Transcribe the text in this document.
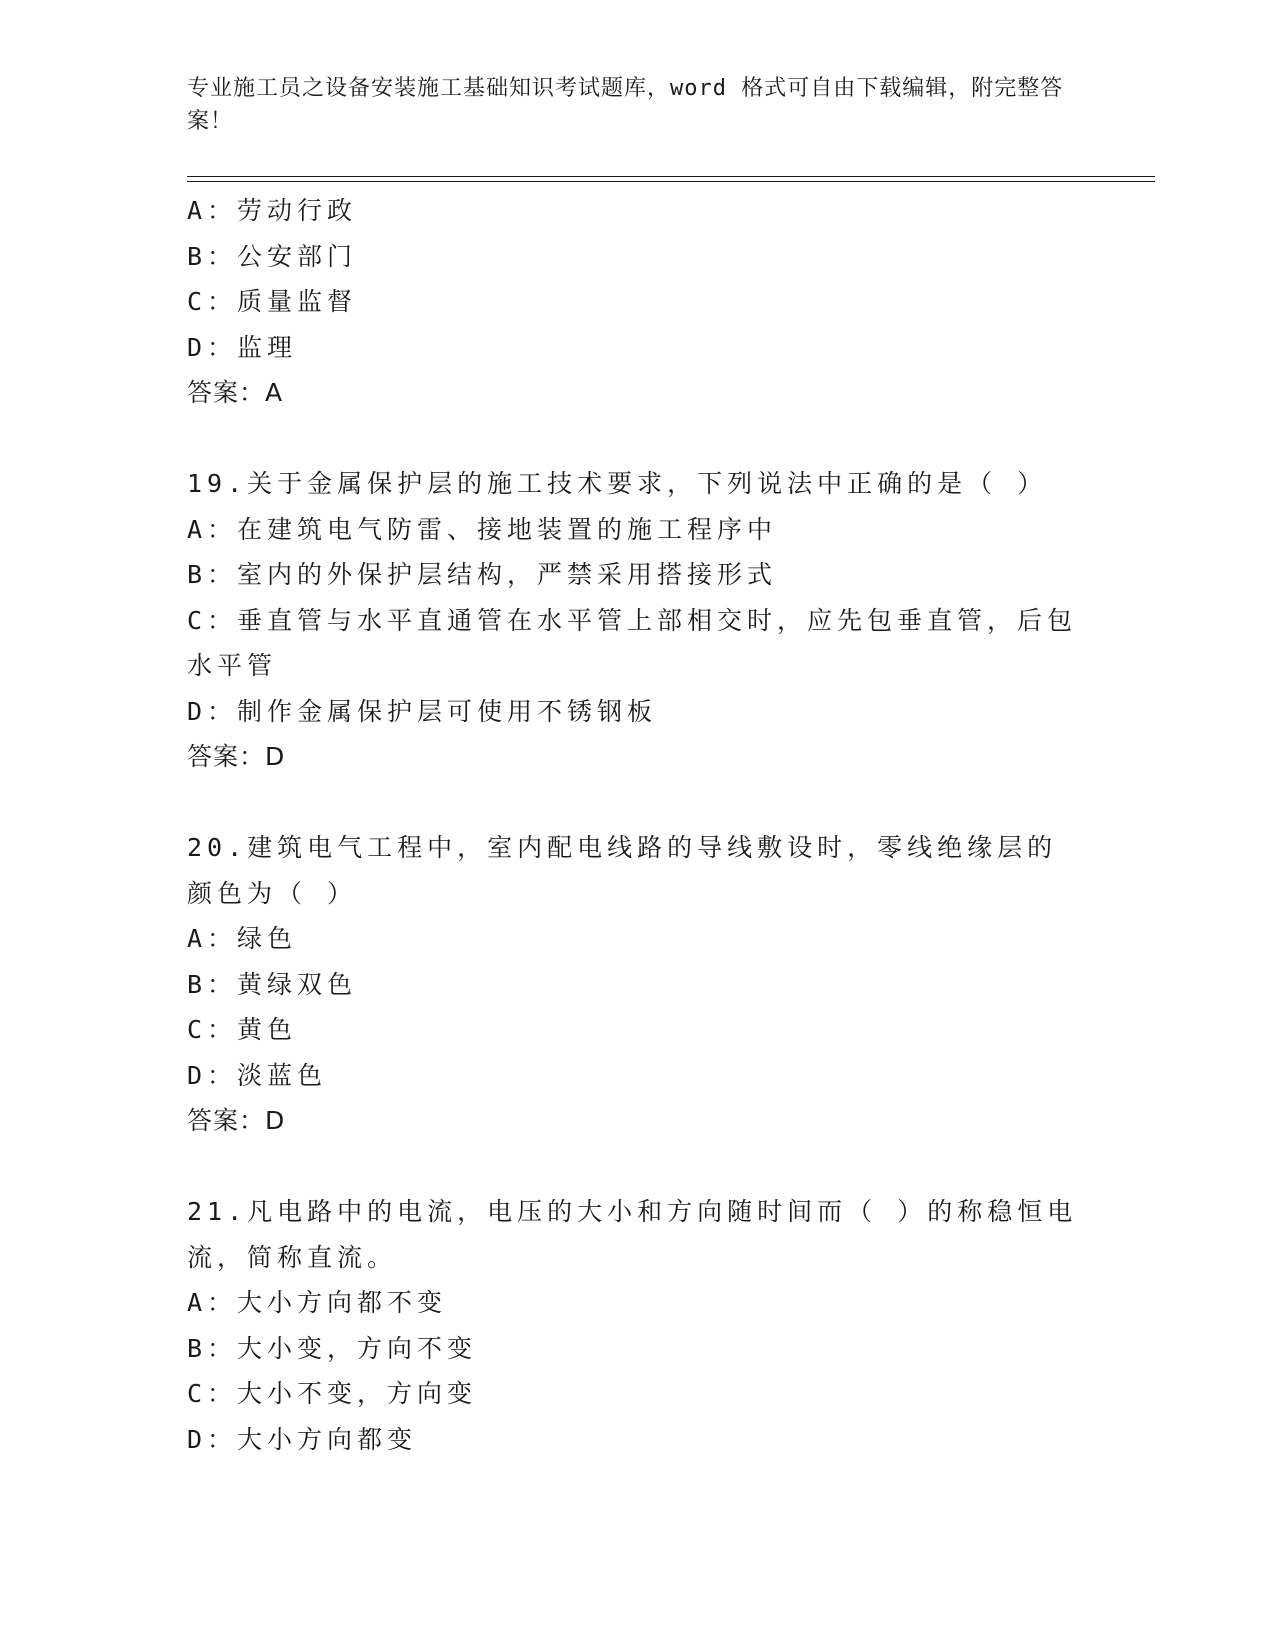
专业施工员之设备安装施工基础知识考试题库，word 格式可自由下载编辑，附完整答案！
A：劳动行政
B：公安部门
C：质量监督
D：监理
答案：A
19.关于金属保护层的施工技术要求，下列说法中正确的是（ ）
A：在建筑电气防雷、接地装置的施工程序中
B：室内的外保护层结构，严禁采用搭接形式
C：垂直管与水平直通管在水平管上部相交时，应先包垂直管，后包水平管
D：制作金属保护层可使用不锈钢板
答案：D
20.建筑电气工程中，室内配电线路的导线敷设时，零线绝缘层的颜色为（ ）
A：绿色
B：黄绿双色
C：黄色
D：淡蓝色
答案：D
21.凡电路中的电流，电压的大小和方向随时间而（ ）的称稳恒电流，简称直流。
A：大小方向都不变
B：大小变，方向不变
C：大小不变，方向变
D：大小方向都变
